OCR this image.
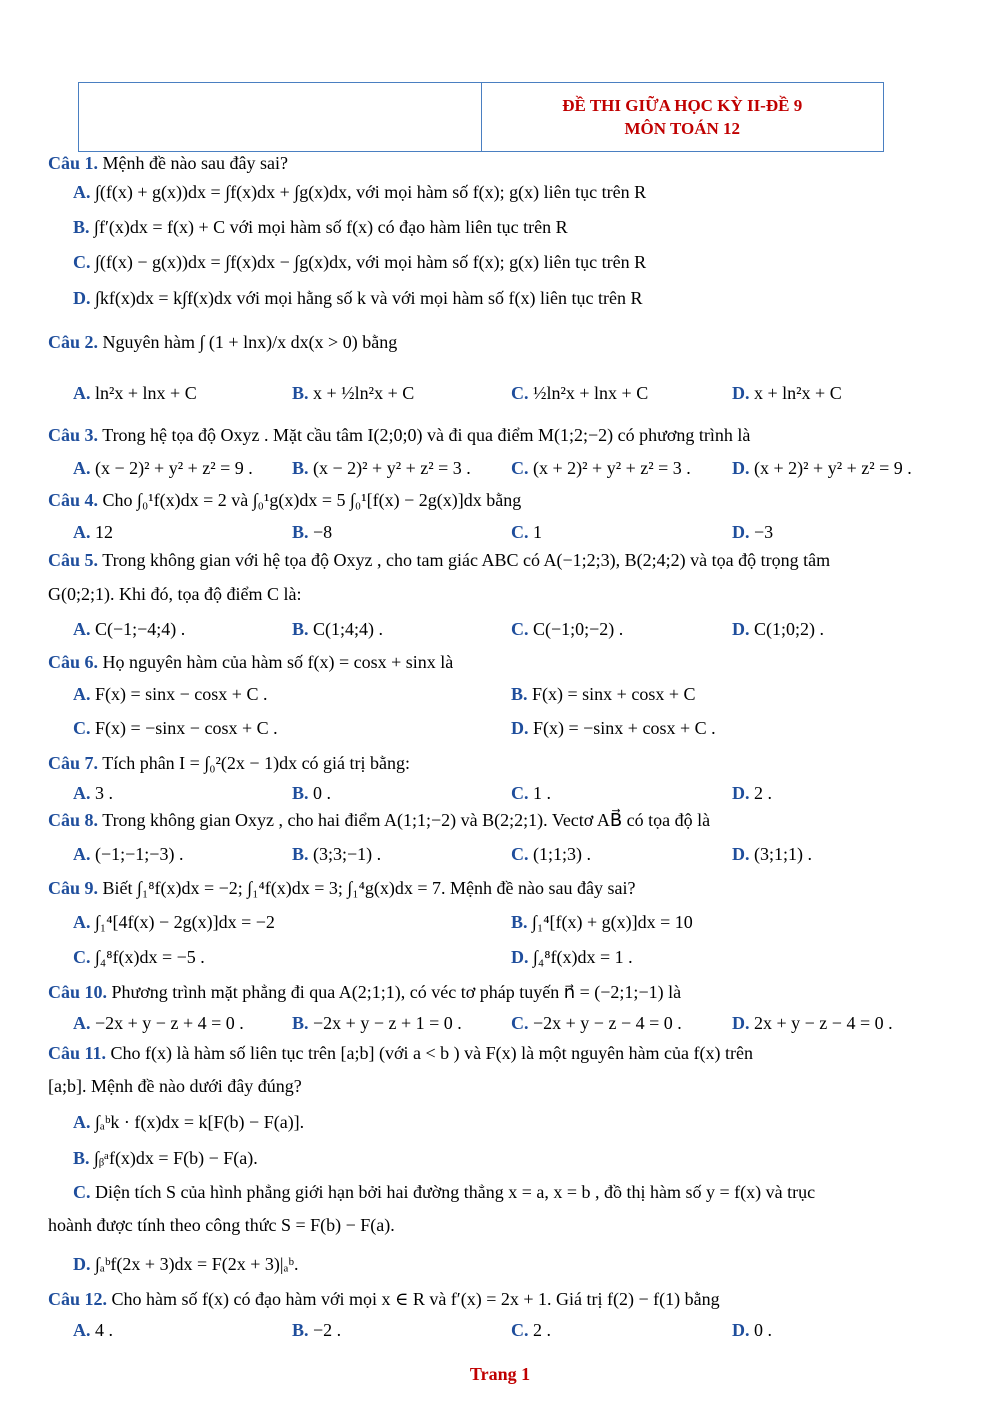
ĐỀ THI GIỮA HỌC KỲ II-ĐỀ 9
MÔN TOÁN 12
Câu 1. Mệnh đề nào sau đây sai?
A. ∫(f(x) + g(x))dx = ∫f(x)dx + ∫g(x)dx, với mọi hàm số f(x); g(x) liên tục trên R
B. ∫f′(x)dx = f(x) + C với mọi hàm số f(x) có đạo hàm liên tục trên R
C. ∫(f(x) − g(x))dx = ∫f(x)dx − ∫g(x)dx, với mọi hàm số f(x); g(x) liên tục trên R
D. ∫kf(x)dx = k∫f(x)dx với mọi hằng số k và với mọi hàm số f(x) liên tục trên R
Câu 2. Nguyên hàm ∫ (1 + lnx)/x dx(x > 0) bằng
A. ln²x + lnx + C	B. x + ½ln²x + C	C. ½ln²x + lnx + C	D. x + ln²x + C
Câu 3. Trong hệ tọa độ Oxyz . Mặt cầu tâm I(2;0;0) và đi qua điểm M(1;2;−2) có phương trình là
A. (x − 2)² + y² + z² = 9 . B. (x − 2)² + y² + z² = 3 . C. (x + 2)² + y² + z² = 3 . D. (x + 2)² + y² + z² = 9 .
Câu 4. Cho ∫₀¹f(x)dx = 2 và ∫₀¹g(x)dx = 5 ∫₀¹[f(x) − 2g(x)]dx bằng
A. 12	B. −8	C. 1	D. −3
Câu 5. Trong không gian với hệ tọa độ Oxyz , cho tam giác ABC có A(−1;2;3), B(2;4;2) và tọa độ trọng tâm
G(0;2;1). Khi đó, tọa độ điểm C là:
A. C(−1;−4;4) .	B. C(1;4;4) .	C. C(−1;0;−2) .	D. C(1;0;2) .
Câu 6. Họ nguyên hàm của hàm số f(x) = cosx + sinx là
A. F(x) = sinx − cosx + C .	B. F(x) = sinx + cosx + C
C. F(x) = −sinx − cosx + C .	D. F(x) = −sinx + cosx + C .
Câu 7. Tích phân I = ∫₀²(2x − 1)dx có giá trị bằng:
A. 3 .	B. 0 .	C. 1 .	D. 2 .
Câu 8. Trong không gian Oxyz , cho hai điểm A(1;1;−2) và B(2;2;1). Vectơ AB⃗ có tọa độ là
A. (−1;−1;−3) .	B. (3;3;−1) .	C. (1;1;3) .	D. (3;1;1) .
Câu 9. Biết ∫₁⁸f(x)dx = −2; ∫₁⁴f(x)dx = 3; ∫₁⁴g(x)dx = 7. Mệnh đề nào sau đây sai?
A. ∫₁⁴[4f(x) − 2g(x)]dx = −2	B. ∫₁⁴[f(x) + g(x)]dx = 10
C. ∫₄⁸f(x)dx = −5 .	D. ∫₄⁸f(x)dx = 1 .
Câu 10. Phương trình mặt phẳng đi qua A(2;1;1), có véc tơ pháp tuyến n⃗ = (−2;1;−1) là
A. −2x + y − z + 4 = 0 .	B. −2x + y − z + 1 = 0 .	C. −2x + y − z − 4 = 0 .	D. 2x + y − z − 4 = 0 .
Câu 11. Cho f(x) là hàm số liên tục trên [a;b] (với a < b ) và F(x) là một nguyên hàm của f(x) trên
[a;b]. Mệnh đề nào dưới đây đúng?
A. ∫ₐᵇk · f(x)dx = k[F(b) − F(a)].
B. ∫ᵦᵃf(x)dx = F(b) − F(a).
C. Diện tích S của hình phẳng giới hạn bởi hai đường thẳng x = a, x = b , đồ thị hàm số y = f(x) và trục
hoành được tính theo công thức S = F(b) − F(a).
D. ∫ₐᵇf(2x + 3)dx = F(2x + 3)|ₐᵇ.
Câu 12. Cho hàm số f(x) có đạo hàm với mọi x ∈ R và f′(x) = 2x + 1. Giá trị f(2) − f(1) bằng
A. 4 .	B. −2 .	C. 2 .	D. 0 .
Trang 1
